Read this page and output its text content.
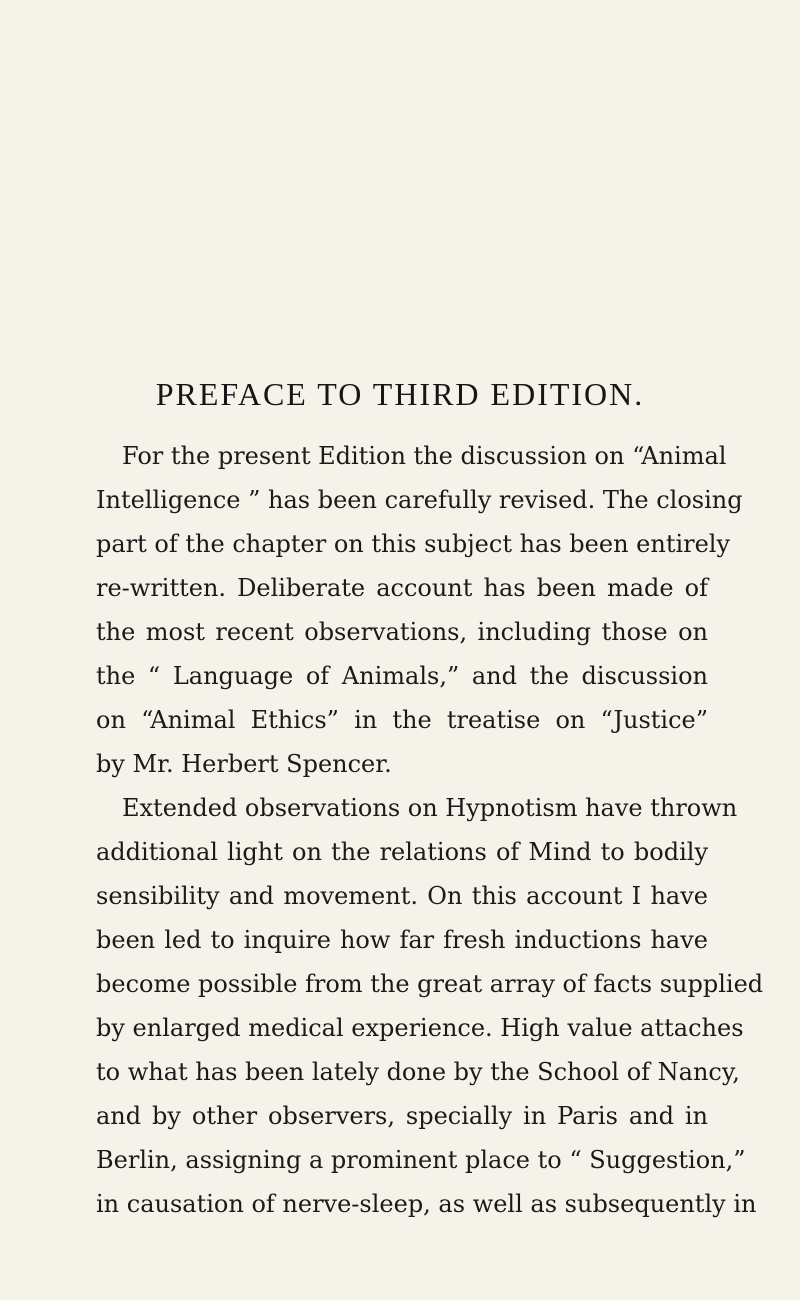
PREFACE TO THIRD EDITION.
For the present Edition the discussion on “Animal
Intelligence ” has been carefully revised. The closing
part of the chapter on this subject has been entirely
re-written. Deliberate account has been made of
the most recent observations, including those on
the “ Language of Animals,” and the discussion
on “Animal Ethics” in the treatise on “Justice”
by Mr. Herbert Spencer.
Extended observations on Hypnotism have thrown
additional light on the relations of Mind to bodily
sensibility and movement. On this account I have
been led to inquire how far fresh inductions have
become possible from the great array of facts supplied
by enlarged medical experience. High value attaches
to what has been lately done by the School of Nancy,
and by other observers, specially in Paris and in
Berlin, assigning a prominent place to “ Suggestion,”
in causation of nerve-sleep, as well as subsequently in
